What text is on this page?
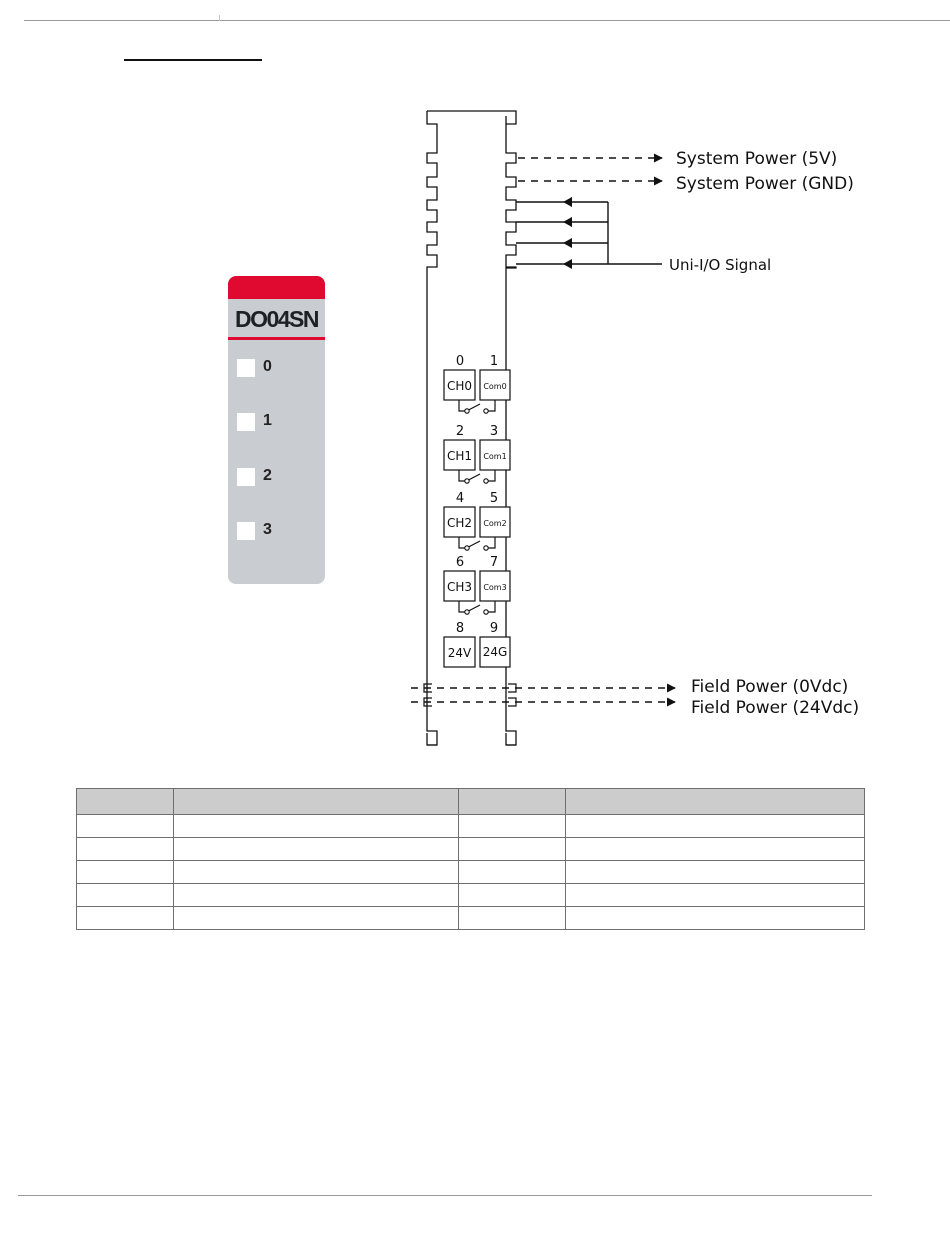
DO04SN
0
1
2
3
System Power (5V)
System Power (GND)
Uni-I/O Signal
0 1
CH0 Com0
2 3
CH1 Com1
4 5
CH2 Com2
6 7
CH3 Com3
8 9
24V 24G
Field Power (0Vdc)
Field Power (24Vdc)
